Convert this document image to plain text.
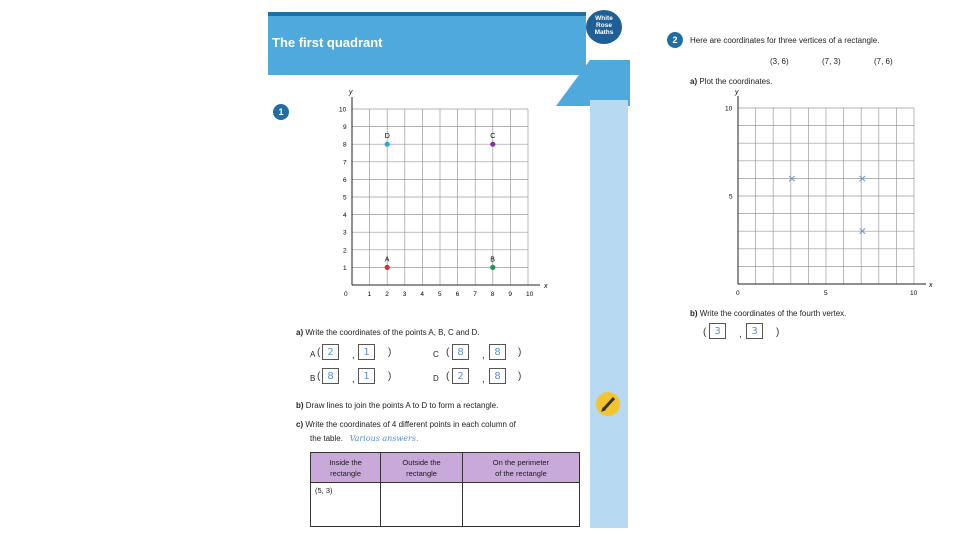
The first quadrant
White
Rose
Maths
1
x
y
0	1 2 3 4 5 6 7 8 9 10
1
2
3
4
5
6
7
8
9
10
A	B
C
D
a) Write the coordinates of the points A, B, C and D.
A ( 2	, 1	)
B ( 8	, 1	)
C ( 8	, 8	)
D ( 2	, 8	)
b) Draw lines to join the points A to D to form a rectangle.
c) Write the coordinates of 4 different points in each column of
the table. Various answers.
Inside the
rectangle	Outside the
rectangle	On the perimeter
of the rectangle
(5, 3)		
2	Here are coordinates for three vertices of a rectangle.
(3, 6)	(7, 3)	(7, 6)
a) Plot the coordinates.
x
y
0	5	10
5
10
×	×
×
b) Write the coordinates of the fourth vertex.
( 3	, 3	)
